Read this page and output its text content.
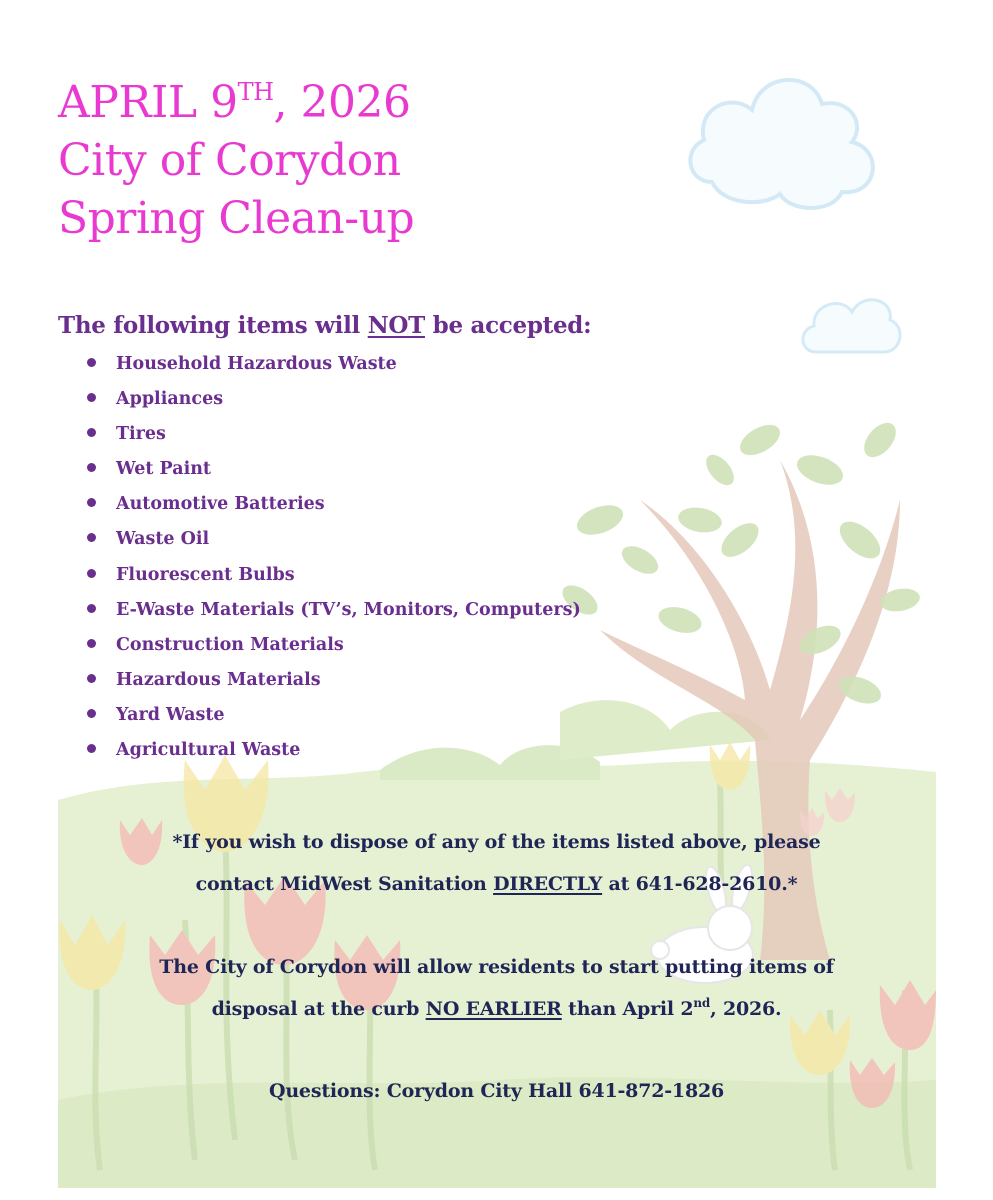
APRIL 9TH, 2026
City of Corydon
Spring Clean-up
The following items will NOT be accepted:
Household Hazardous Waste
Appliances
Tires
Wet Paint
Automotive Batteries
Waste Oil
Fluorescent Bulbs
E-Waste Materials (TV’s, Monitors, Computers)
Construction Materials
Hazardous Materials
Yard Waste
Agricultural Waste

*If you wish to dispose of any of the items listed above, please
contact MidWest Sanitation DIRECTLY at 641-628-2610.*

The City of Corydon will allow residents to start putting items of
disposal at the curb NO EARLIER than April 2nd, 2026.

Questions: Corydon City Hall 641-872-1826
